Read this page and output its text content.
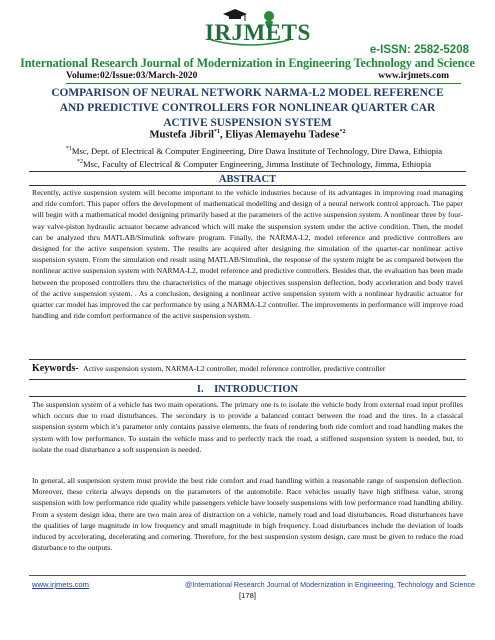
IRJMETS
e-ISSN: 2582-5208
International Research Journal of Modernization in Engineering Technology and Science
Volume:02/Issue:03/March-2020	www.irjmets.com
COMPARISON OF NEURAL NETWORK NARMA-L2 MODEL REFERENCE AND PREDICTIVE CONTROLLERS FOR NONLINEAR QUARTER CAR ACTIVE SUSPENSION SYSTEM
Mustefa Jibril$^{*1}$, Eliyas Alemayehu Tadese$^{*2}$
$^{*1}$Msc, Dept. of Electrical & Computer Engineering, Dire Dawa Institute of Technology, Dire Dawa, Ethiopia
$^{*2}$Msc, Faculty of Electrical & Computer Engineering, Jimma Institute of Technology, Jimma, Ethiopia
ABSTRACT
Recently, active suspension system will become important to the vehicle industries because of its advantages in improving road managing and ride comfort. This paper offers the development of mathematical modelling and design of a neural network control approach. The paper will begin with a mathematical model designing primarily based at the parameters of the active suspension system. A nonlinear three by four-way valve-piston hydraulic actuator became advanced which will make the suspension system under the active condition. Then, the model can be analyzed thru MATLAB/Simulink software program. Finally, the NARMA-L2, model reference and predictive controllers are designed for the active suspension system. The results are acquired after designing the simulation of the quarter-car nonlinear active suspension system. From the simulation end result using MATLAB/Simulink, the response of the system might be as compared between the nonlinear active suspension system with NARMA-L2, model reference and predictive controllers. Besides that, the evaluation has been made between the proposed controllers thru the characteristics of the manage objectives suspension deflection, body acceleration and body travel of the active suspension system. . As a conclusion, designing a nonlinear active suspension system with a nonlinear hydraulic actuator for quarter car model has improved the car performance by using a NARMA-L2 controller. The improvements in performance will improve road handling and ride comfort performance of the active suspension system.
Keywords- Active suspension system, NARMA-L2 controller, model reference controller, predictive controller
I.    INTRODUCTION
The suspension system of a vehicle has two main operations. The primary one is to isolate the vehicle body from external road input profiles which occurs due to road disturbances. The secondary is to provide a balanced contact between the road and the tires. In a classical suspension system which it’s parameter only contains passive elements, the feats of rendering both ride comfort and road handling makes the system with low performance. To sustain the vehicle mass and to perfectly track the road, a stiffened suspension system is needed, but, to isolate the road disturbance a soft suspension is needed.
In general, all suspension system must provide the best ride comfort and road handling within a reasonable range of suspension deflection. Moreover, these criteria always depends on the parameters of the automobile. Race vehicles usually have high stiffness value, strong suspension with low performance ride quality while passengers vehicle have loosely suspensions with low performance road handling ability. From a system design idea, there are two main area of distraction on a vehicle, namely road and load disturbances. Road disturbances have the qualities of large magnitude in low frequency and small magnitude in high frequency. Load disturbances include the deviation of loads induced by accelerating, decelerating and cornering. Therefore, for the best suspension system design, care must be given to reduce the road disturbance to the outputs.
www.irjmets.com	@International Research Journal of Modernization in Engineering, Technology and Science
[178]
